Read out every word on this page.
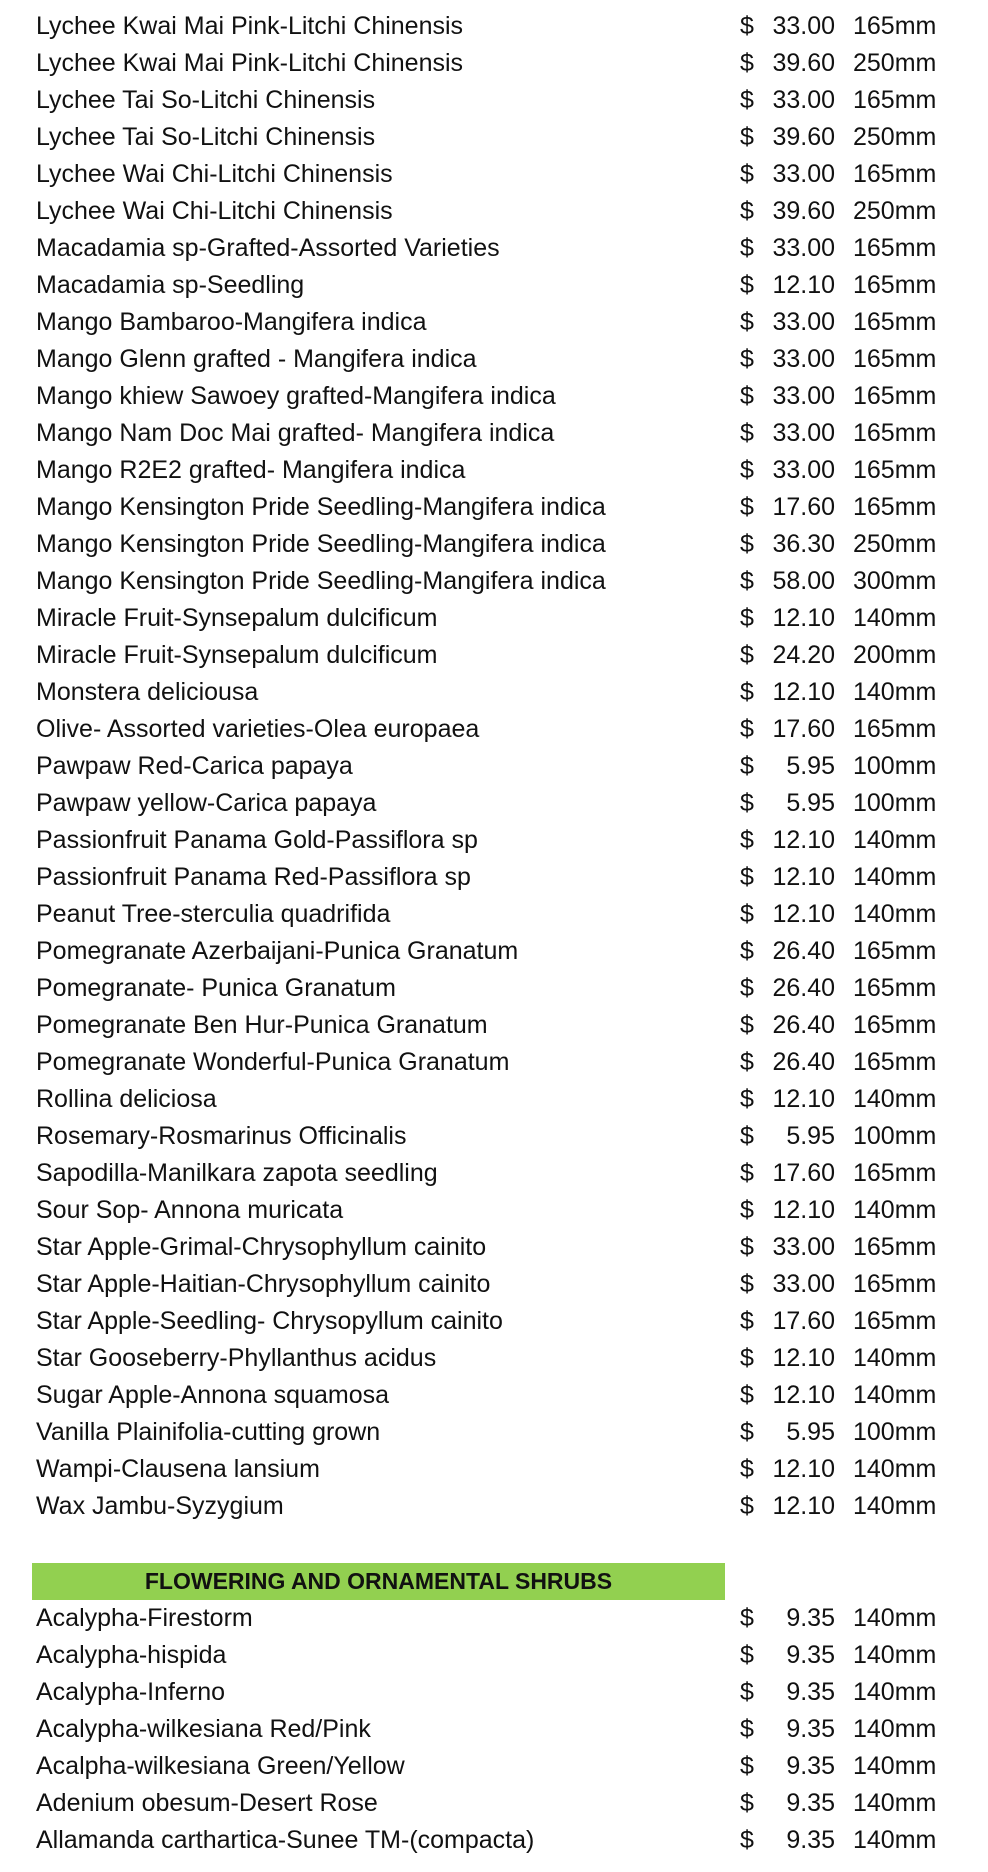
Lychee Kwai Mai Pink-Litchi Chinensis	$ 33.00 165mm
Lychee Kwai Mai Pink-Litchi Chinensis	$ 39.60 250mm
Lychee Tai So-Litchi Chinensis	$ 33.00 165mm
Lychee Tai So-Litchi Chinensis	$ 39.60 250mm
Lychee Wai Chi-Litchi Chinensis	$ 33.00 165mm
Lychee Wai Chi-Litchi Chinensis	$ 39.60 250mm
Macadamia sp-Grafted-Assorted Varieties	$ 33.00 165mm
Macadamia sp-Seedling	$ 12.10 165mm
Mango Bambaroo-Mangifera indica	$ 33.00 165mm
Mango Glenn grafted - Mangifera indica	$ 33.00 165mm
Mango khiew Sawoey grafted-Mangifera indica	$ 33.00 165mm
Mango Nam Doc Mai grafted- Mangifera indica	$ 33.00 165mm
Mango R2E2 grafted- Mangifera indica	$ 33.00 165mm
Mango Kensington Pride Seedling-Mangifera indica	$ 17.60 165mm
Mango Kensington Pride Seedling-Mangifera indica	$ 36.30 250mm
Mango Kensington Pride Seedling-Mangifera indica	$ 58.00 300mm
Miracle Fruit-Synsepalum dulcificum	$ 12.10 140mm
Miracle Fruit-Synsepalum dulcificum	$ 24.20 200mm
Monstera deliciousa	$ 12.10 140mm
Olive- Assorted varieties-Olea europaea	$ 17.60 165mm
Pawpaw Red-Carica papaya	$ 5.95 100mm
Pawpaw yellow-Carica papaya	$ 5.95 100mm
Passionfruit Panama Gold-Passiflora sp	$ 12.10 140mm
Passionfruit Panama Red-Passiflora sp	$ 12.10 140mm
Peanut Tree-sterculia quadrifida	$ 12.10 140mm
Pomegranate Azerbaijani-Punica Granatum	$ 26.40 165mm
Pomegranate- Punica Granatum	$ 26.40 165mm
Pomegranate Ben Hur-Punica Granatum	$ 26.40 165mm
Pomegranate Wonderful-Punica Granatum	$ 26.40 165mm
Rollina deliciosa	$ 12.10 140mm
Rosemary-Rosmarinus Officinalis	$ 5.95 100mm
Sapodilla-Manilkara zapota seedling	$ 17.60 165mm
Sour Sop- Annona muricata	$ 12.10 140mm
Star Apple-Grimal-Chrysophyllum cainito	$ 33.00 165mm
Star Apple-Haitian-Chrysophyllum cainito	$ 33.00 165mm
Star Apple-Seedling- Chrysopyllum cainito	$ 17.60 165mm
Star Gooseberry-Phyllanthus acidus	$ 12.10 140mm
Sugar Apple-Annona squamosa	$ 12.10 140mm
Vanilla Plainifolia-cutting grown	$ 5.95 100mm
Wampi-Clausena lansium	$ 12.10 140mm
Wax Jambu-Syzygium	$ 12.10 140mm
FLOWERING AND ORNAMENTAL SHRUBS
Acalypha-Firestorm	$ 9.35 140mm
Acalypha-hispida	$ 9.35 140mm
Acalypha-Inferno	$ 9.35 140mm
Acalypha-wilkesiana Red/Pink	$ 9.35 140mm
Acalpha-wilkesiana Green/Yellow	$ 9.35 140mm
Adenium obesum-Desert Rose	$ 9.35 140mm
Allamanda carthartica-Sunee TM-(compacta)	$ 9.35 140mm
